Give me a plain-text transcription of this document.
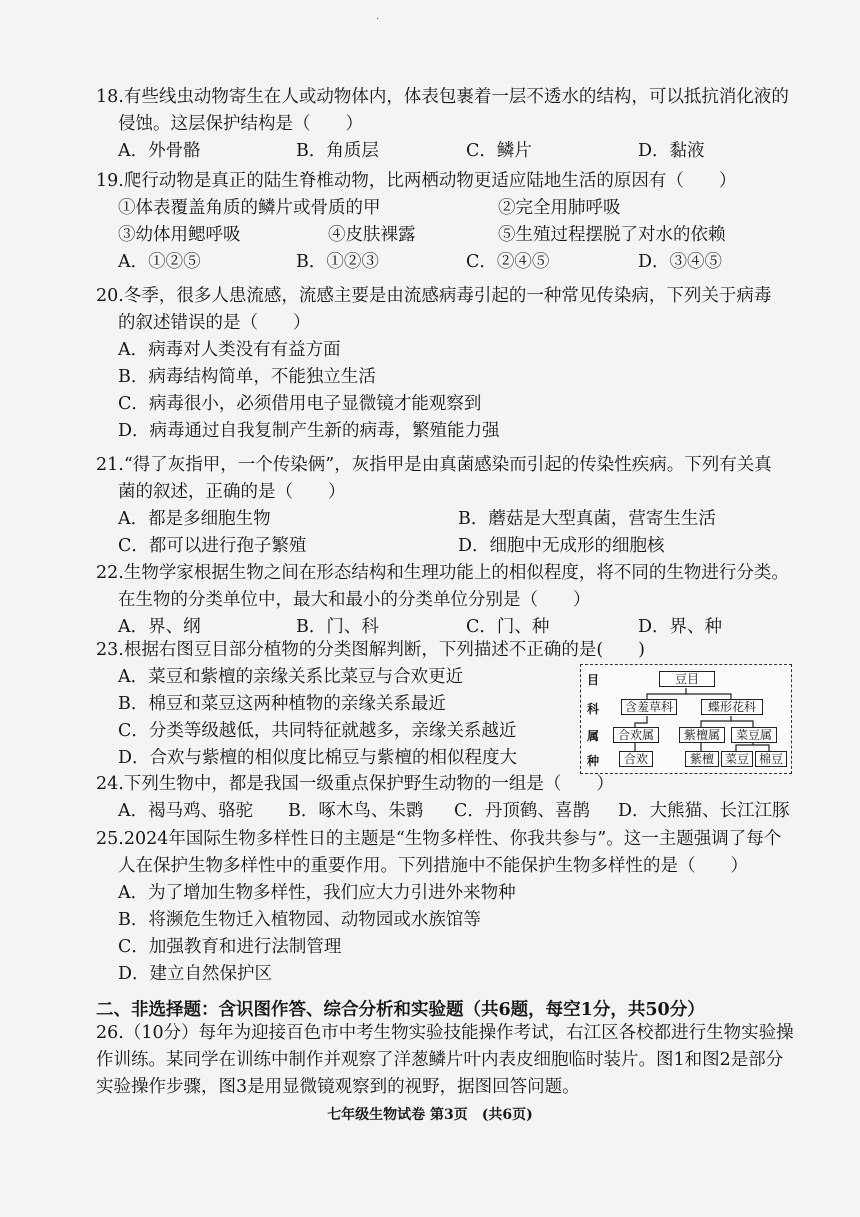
·
18.有些线虫动物寄生在人或动物体内，体表包裹着一层不透水的结构，可以抵抗消化液的
侵蚀。这层保护结构是（　　）
A．外骨骼	B．角质层	C．鳞片	D．黏液
19.爬行动物是真正的陆生脊椎动物，比两栖动物更适应陆地生活的原因有（　　）
①体表覆盖角质的鳞片或骨质的甲	②完全用肺呼吸
③幼体用鳃呼吸	④皮肤裸露	⑤生殖过程摆脱了对水的依赖
A．①②⑤	B．①②③	C．②④⑤	D．③④⑤
20.冬季，很多人患流感，流感主要是由流感病毒引起的一种常见传染病，下列关于病毒
的叙述错误的是（　　）
A．病毒对人类没有有益方面
B．病毒结构简单，不能独立生活
C．病毒很小，必须借用电子显微镜才能观察到
D．病毒通过自我复制产生新的病毒，繁殖能力强
21.“得了灰指甲，一个传染俩”，灰指甲是由真菌感染而引起的传染性疾病。下列有关真
菌的叙述，正确的是（　　）
A．都是多细胞生物	B．蘑菇是大型真菌，营寄生生活
C．都可以进行孢子繁殖	D．细胞中无成形的细胞核
22.生物学家根据生物之间在形态结构和生理功能上的相似程度，将不同的生物进行分类。
在生物的分类单位中，最大和最小的分类单位分别是（　　）
A．界、纲	B．门、科	C．门、种	D．界、种
23.根据右图豆目部分植物的分类图解判断，下列描述不正确的是(　　)
A．菜豆和紫檀的亲缘关系比菜豆与合欢更近
B．棉豆和菜豆这两种植物的亲缘关系最近
C．分类等级越低，共同特征就越多，亲缘关系越近
D．合欢与紫檀的相似度比棉豆与紫檀的相似程度大
目
科
属
种
豆目
含羞草科	蝶形花科
合欢属	紫檀属	菜豆属
合欢	紫檀 菜豆 棉豆
24.下列生物中，都是我国一级重点保护野生动物的一组是（　　）
A．褐马鸡、骆驼	B．啄木鸟、朱鹮	C．丹顶鹤、喜鹊	D．大熊猫、长江江豚
25.2024年国际生物多样性日的主题是“生物多样性、你我共参与”。这一主题强调了每个
人在保护生物多样性中的重要作用。下列措施中不能保护生物多样性的是（　　）
A．为了增加生物多样性，我们应大力引进外来物种
B．将濒危生物迁入植物园、动物园或水族馆等
C．加强教育和进行法制管理
D．建立自然保护区
二、非选择题：含识图作答、综合分析和实验题（共6题，每空1分，共50分）
26.（10分）每年为迎接百色市中考生物实验技能操作考试，右江区各校都进行生物实验操
作训练。某同学在训练中制作并观察了洋葱鳞片叶内表皮细胞临时装片。图1和图2是部分
实验操作步骤，图3是用显微镜观察到的视野，据图回答问题。
七年级生物试卷 第3页　(共6页)
